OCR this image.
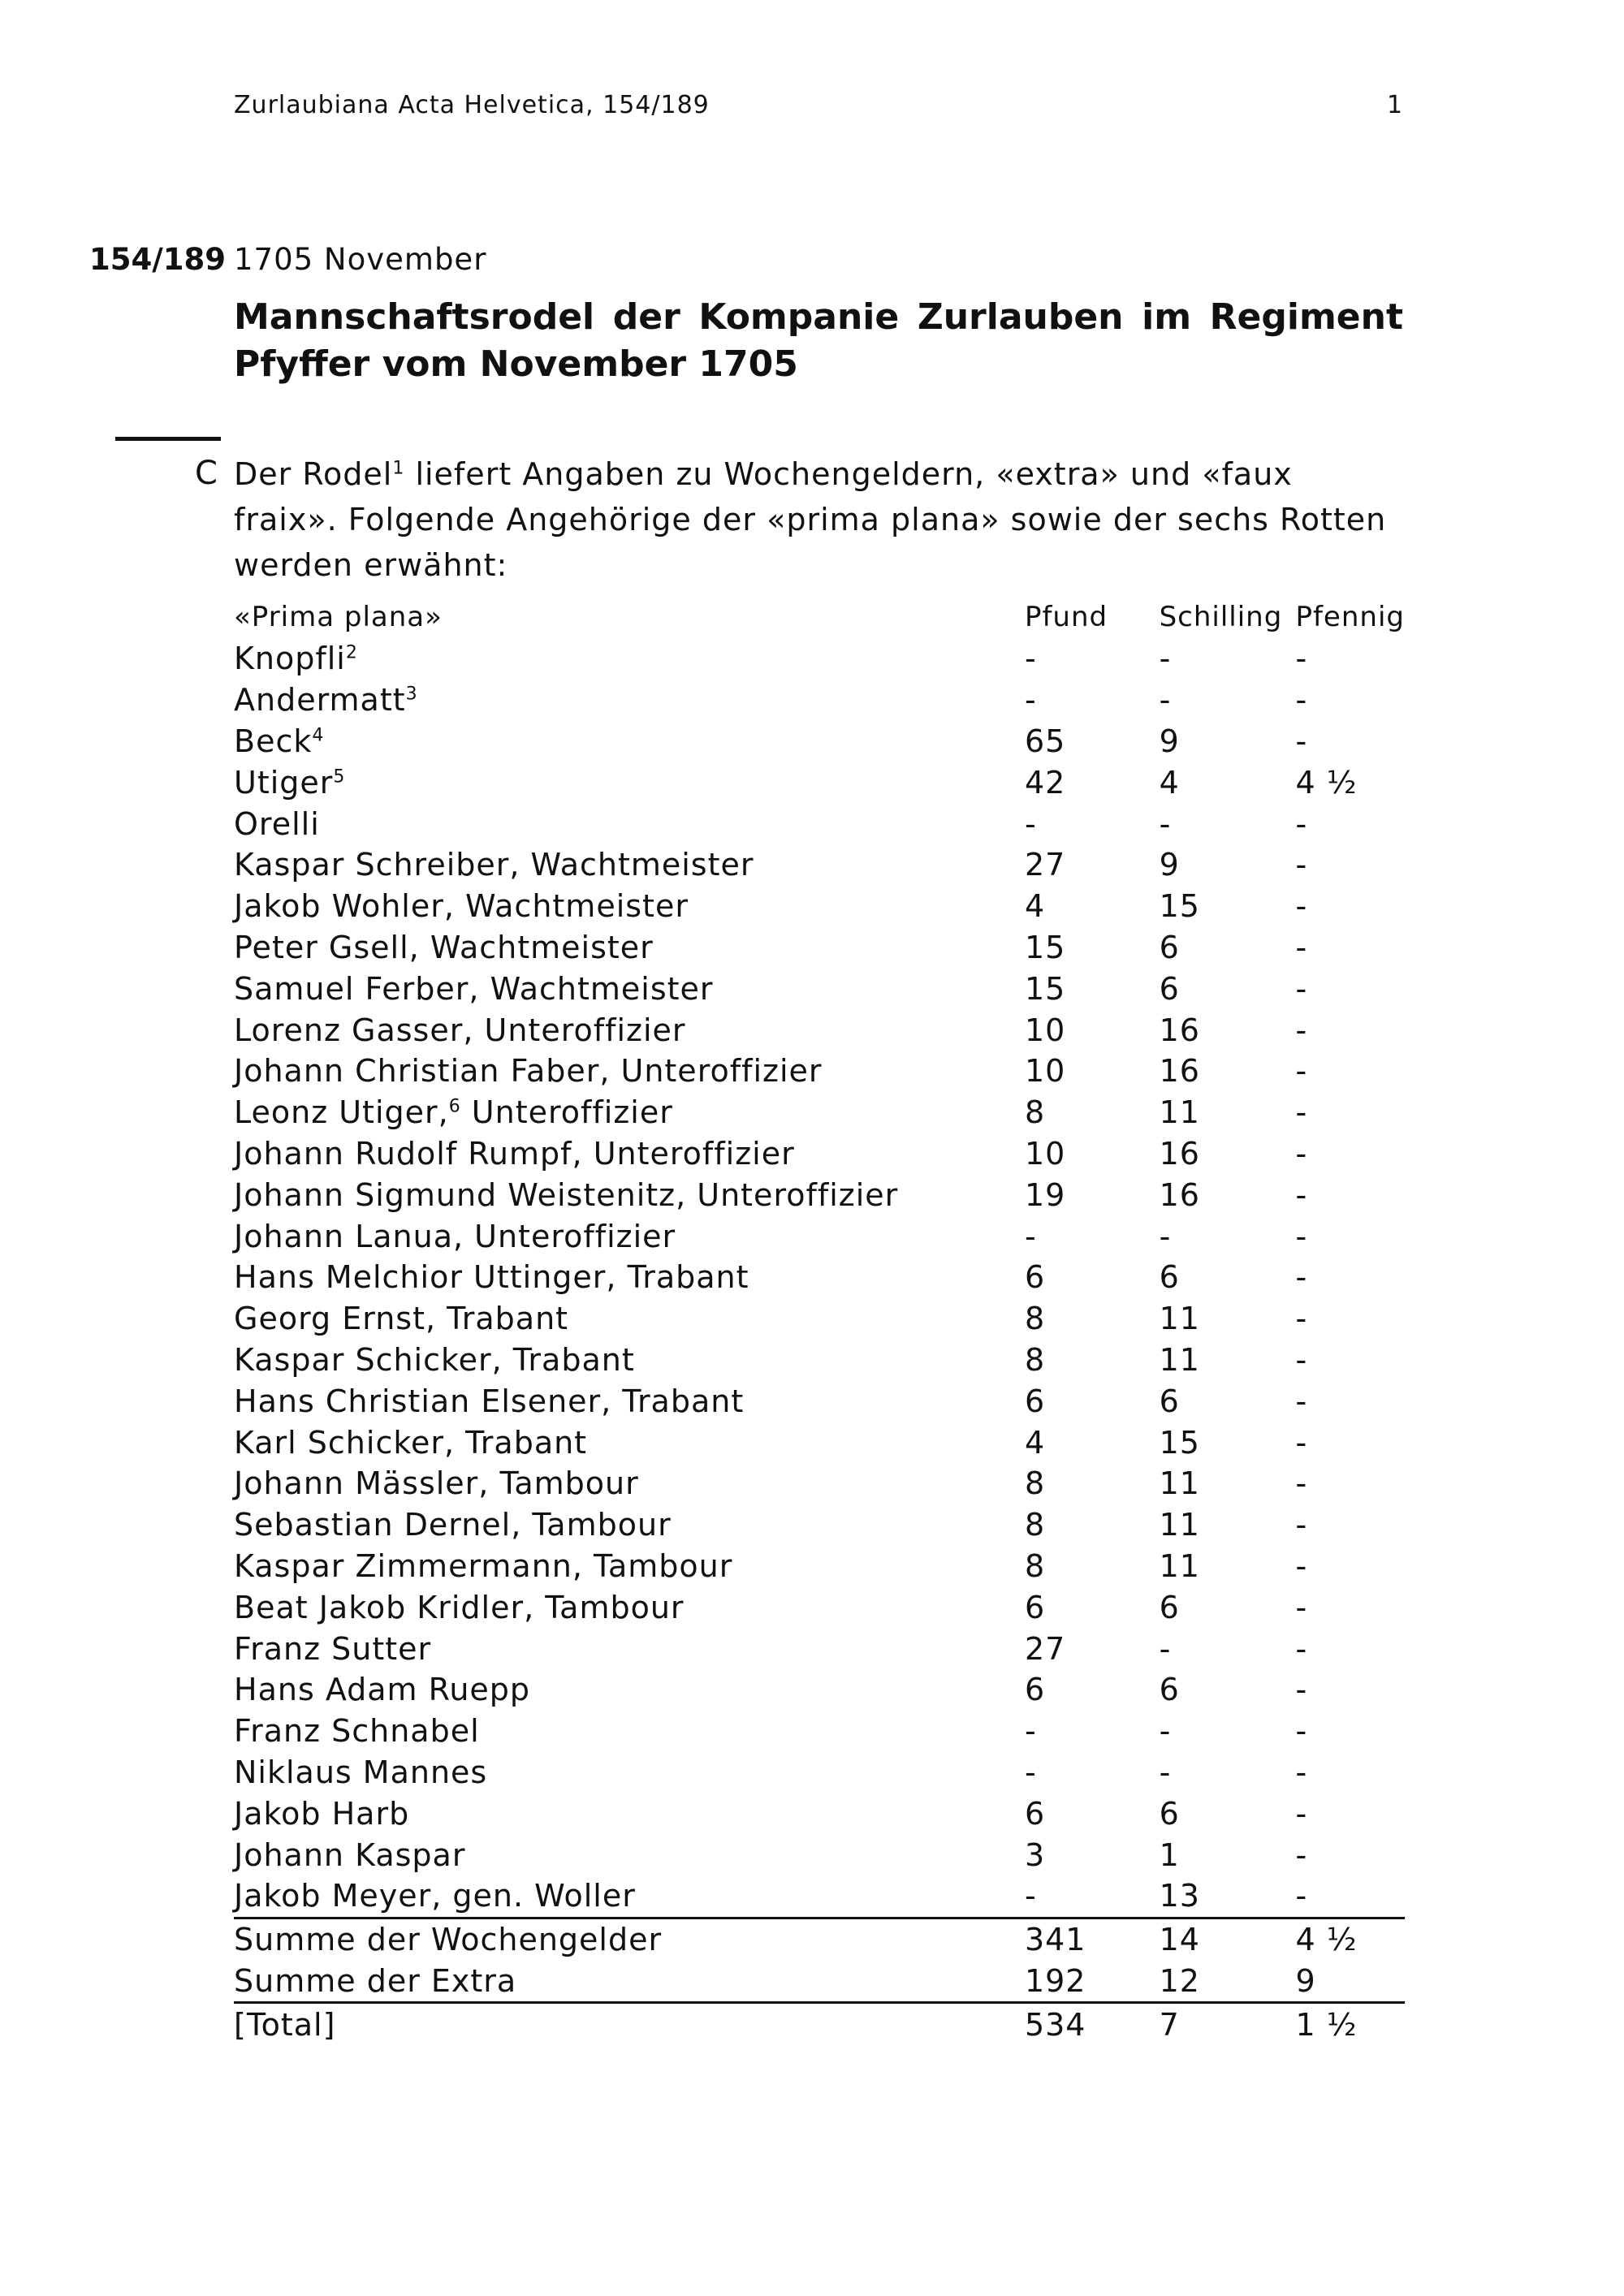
Zurlaubiana Acta Helvetica, 154/189	1
154/189 1705 November
Mannschaftsrodel der Kompanie Zurlauben im Regiment Pfyffer vom November 1705
C Der Rodel$^1$ liefert Angaben zu Wochengeldern, «extra» und «faux fraix». Folgende Angehörige der «prima plana» sowie der sechs Rotten werden erwähnt:

«Prima plana»	Pfund	Schilling	Pfennig
Knopfli$^2$	-	-	-
Andermatt$^3$	-	-	-
Beck$^4$	65	9	-
Utiger$^5$	42	4	4 ½
Orelli	-	-	-
Kaspar Schreiber, Wachtmeister	27	9	-
Jakob Wohler, Wachtmeister	4	15	-
Peter Gsell, Wachtmeister	15	6	-
Samuel Ferber, Wachtmeister	15	6	-
Lorenz Gasser, Unteroffizier	10	16	-
Johann Christian Faber, Unteroffizier	10	16	-
Leonz Utiger,$^6$ Unteroffizier	8	11	-
Johann Rudolf Rumpf, Unteroffizier	10	16	-
Johann Sigmund Weistenitz, Unteroffizier	19	16	-
Johann Lanua, Unteroffizier	-	-	-
Hans Melchior Uttinger, Trabant	6	6	-
Georg Ernst, Trabant	8	11	-
Kaspar Schicker, Trabant	8	11	-
Hans Christian Elsener, Trabant	6	6	-
Karl Schicker, Trabant	4	15	-
Johann Mässler, Tambour	8	11	-
Sebastian Dernel, Tambour	8	11	-
Kaspar Zimmermann, Tambour	8	11	-
Beat Jakob Kridler, Tambour	6	6	-
Franz Sutter	27	-	-
Hans Adam Ruepp	6	6	-
Franz Schnabel	-	-	-
Niklaus Mannes	-	-	-
Jakob Harb	6	6	-
Johann Kaspar	3	1	-
Jakob Meyer, gen. Woller	-	13	-
Summe der Wochengelder	341	14	4 ½
Summe der Extra	192	12	9
[Total]	534	7	1 ½
